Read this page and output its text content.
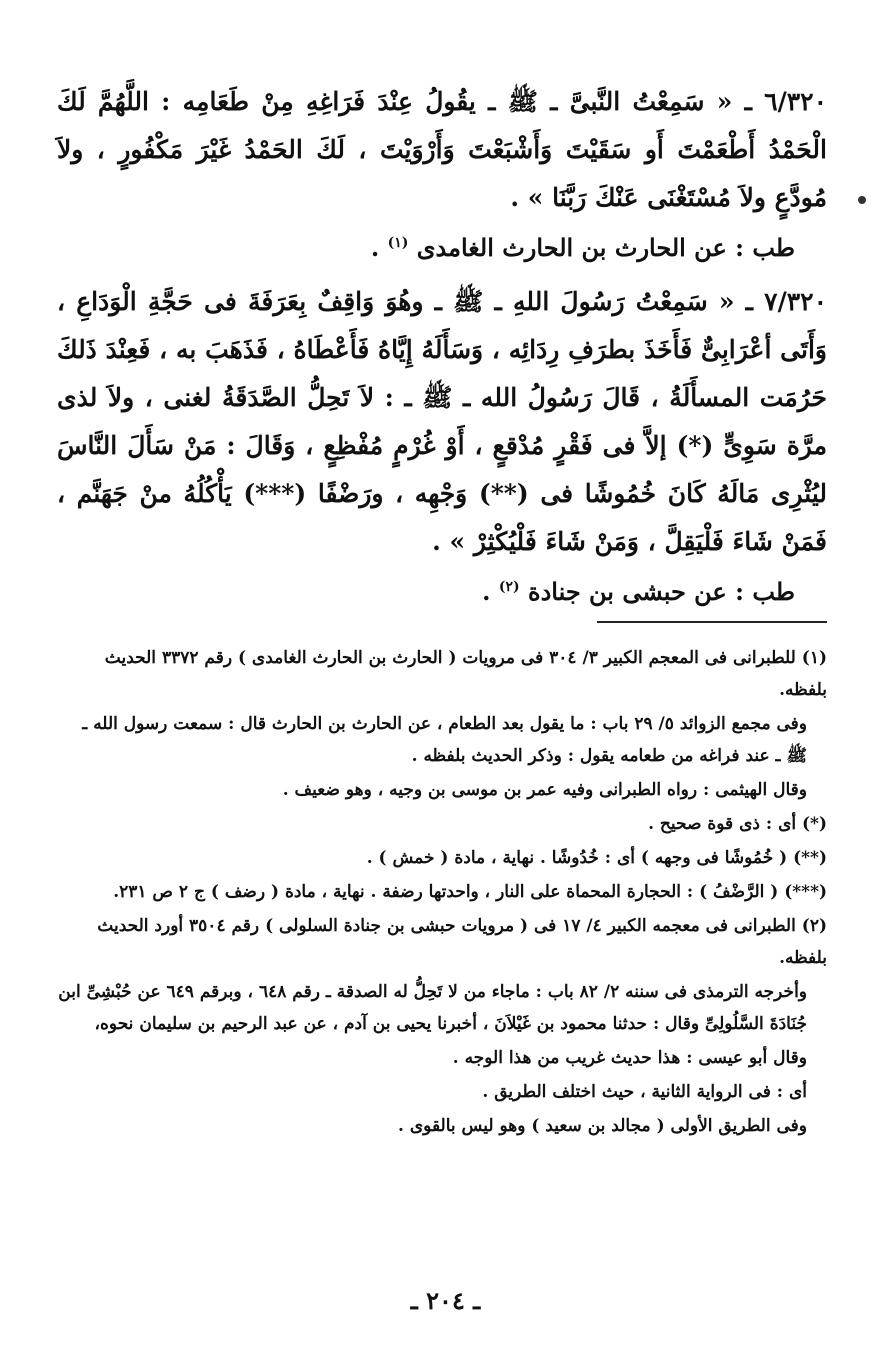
٦/٣٢٠ ـ « سَمِعْتُ النَّبىَّ ـ ﷺ ـ يقُولُ عِنْدَ فَرَاغِهِ مِنْ طَعَامِه : اللَّهُمَّ لَكَ الْحَمْدُ أَطْعَمْتَ أَو سَقَيْتَ وَأَشْبَعْتَ وَأَرْوَيْتَ ، لَكَ الحَمْدُ غَيْرَ مَكْفُورٍ ، ولاَ مُودَّعٍ ولاَ مُسْتَغْنَى عَنْكَ رَبَّنَا » .

طب : عن الحارث بن الحارث الغامدى $^{(١)}$ .

٧/٣٢٠ ـ « سَمِعْتُ رَسُولَ اللهِ ـ ﷺ ـ وهُوَ وَاقِفٌ بِعَرَفَةَ فى حَجَّةِ الْوَدَاعِ ، وَأَتَى أعْرَابِىٌّ فَأَخَذَ بطرَفِ رِدَائِه ، وَسَأَلَهُ إِيَّاهُ فَأَعْطَاهُ ، فَذَهَبَ به ، فَعِنْدَ ذَلكَ حَرُمَت المسأَلَةُ ، قَالَ رَسُولُ الله ـ ﷺ ـ : لاَ تَحِلُّ الصَّدَقَةُ لغنى ، ولاَ لذى مرَّة سَوِىٍّ (*) إلاَّ فى فَقْرٍ مُدْقعٍ ، أَوْ غُرْمٍ مُفْظِعٍ ، وَقَالَ : مَنْ سَأَلَ النَّاسَ ليُثْرِى مَالَهُ كَانَ خُمُوشًا فى (**) وَجْهِه ، ورَضْفًا (***) يَأْكُلُهُ منْ جَهَنَّم ، فَمَنْ شَاءَ فَلْيَقِلَّ ، وَمَنْ شَاءَ فَلْيُكْثِرْ » .

طب : عن حبشى بن جنادة $^{(٢)}$ .

(١) للطبرانى فى المعجم الكبير ٣/ ٣٠٤ فى مرويات ( الحارث بن الحارث الغامدى ) رقم ٣٣٧٢ الحديث بلفظه.

وفى مجمع الزوائد ٥/ ٢٩ باب : ما يقول بعد الطعام ، عن الحارث بن الحارث قال : سمعت رسول الله ـ ﷺ ـ عند فراغه من طعامه يقول : وذكر الحديث بلفظه .

وقال الهيثمى : رواه الطبرانى وفيه عمر بن موسى بن وجيه ، وهو ضعيف .

(*) أى : ذى قوة صحيح .

(**) ( خُمُوشًا فى وجهه ) أى : خُدُوشًا . نهاية ، مادة ( خمش ) .

(***) ( الرَّضْفُ ) : الحجارة المحماة على النار ، واحدتها رضفة . نهاية ، مادة ( رضف ) ج ٢ ص ٢٣١.

(٢) الطبرانى فى معجمه الكبير ٤/ ١٧ فى ( مرويات حبشى بن جنادة السلولى ) رقم ٣٥٠٤ أورد الحديث بلفظه.

وأخرجه الترمذى فى سننه ٢/ ٨٢ باب : ماجاء من لا تَحِلُّ له الصدقة ـ رقم ٦٤٨ ، وبرقم ٦٤٩ عن حُبْشِىِّ ابن جُنَادَةَ السَّلُولِىِّ وقال : حدثنا محمود بن غَيْلاَنَ ، أخبرنا يحيى بن آدم ، عن عبد الرحيم بن سليمان نحوه،

وقال أبو عيسى : هذا حديث غريب من هذا الوجه .

أى : فى الرواية الثانية ، حيث اختلف الطريق .

وفى الطريق الأولى ( مجالد بن سعيد ) وهو ليس بالقوى .

ـ ٢٠٤ ـ
